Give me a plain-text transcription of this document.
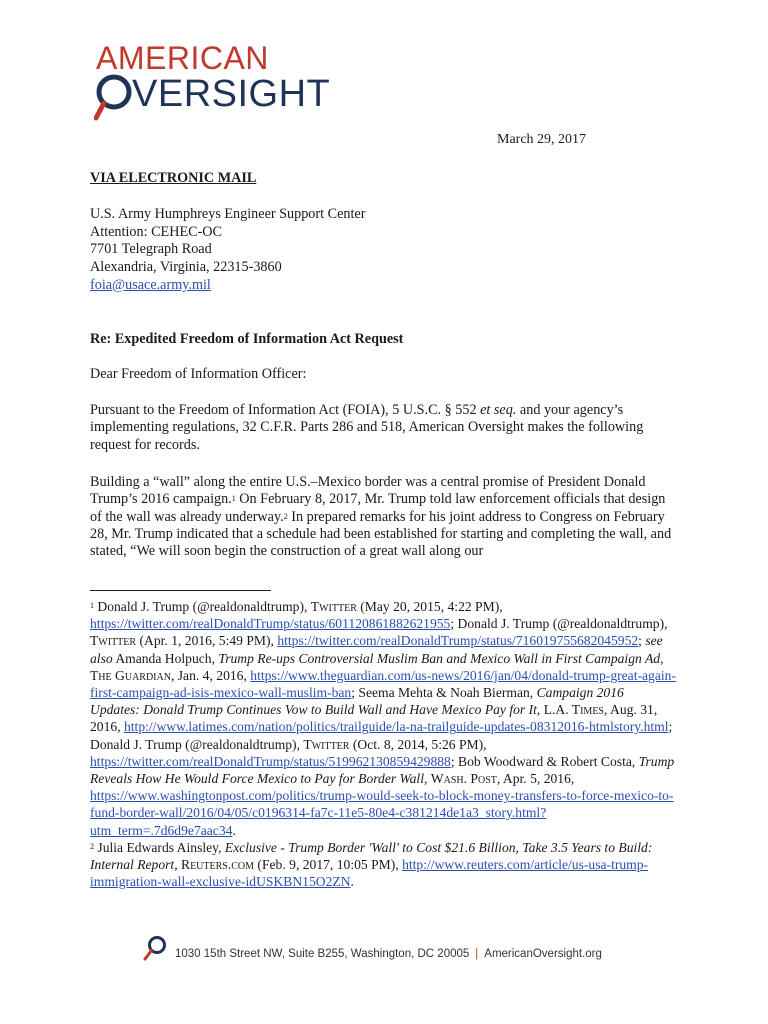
AMERICAN
VERSIGHT
March 29, 2017
VIA ELECTRONIC MAIL
U.S. Army Humphreys Engineer Support Center
Attention: CEHEC-OC
7701 Telegraph Road
Alexandria, Virginia, 22315-3860
foia@usace.army.mil
Re: Expedited Freedom of Information Act Request
Dear Freedom of Information Officer:
Pursuant to the Freedom of Information Act (FOIA), 5 U.S.C. § 552 et seq. and your agency’s implementing regulations, 32 C.F.R. Parts 286 and 518, American Oversight makes the following request for records.
Building a “wall” along the entire U.S.–Mexico border was a central promise of President Donald Trump’s 2016 campaign.$^1$ On February 8, 2017, Mr. Trump told law enforcement officials that design of the wall was already underway.$^2$ In prepared remarks for his joint address to Congress on February 28, Mr. Trump indicated that a schedule had been established for starting and completing the wall, and stated, “We will soon begin the construction of a great wall along our
$^1$ Donald J. Trump (@realdonaldtrump), Twitter (May 20, 2015, 4:22 PM), https://twitter.com/realDonaldTrump/status/601120861882621955; Donald J. Trump (@realdonaldtrump), Twitter (Apr. 1, 2016, 5:49 PM), https://twitter.com/realDonaldTrump/status/716019755682045952; see also Amanda Holpuch, Trump Re-ups Controversial Muslim Ban and Mexico Wall in First Campaign Ad, The Guardian, Jan. 4, 2016, https://www.theguardian.com/us-news/2016/jan/04/donald-trump-great-again-first-campaign-ad-isis-mexico-wall-muslim-ban; Seema Mehta & Noah Bierman, Campaign 2016 Updates: Donald Trump Continues Vow to Build Wall and Have Mexico Pay for It, L.A. Times, Aug. 31, 2016, http://www.latimes.com/nation/politics/trailguide/la-na-trailguide-updates-08312016-htmlstory.html; Donald J. Trump (@realdonaldtrump), Twitter (Oct. 8, 2014, 5:26 PM), https://twitter.com/realDonaldTrump/status/519962130859429888; Bob Woodward & Robert Costa, Trump Reveals How He Would Force Mexico to Pay for Border Wall, Wash. Post, Apr. 5, 2016, https://www.washingtonpost.com/politics/trump-would-seek-to-block-money-transfers-to-force-mexico-to-fund-border-wall/2016/04/05/c0196314-fa7c-11e5-80e4-c381214de1a3_story.html?utm_term=.7d6d9e7aac34.
$^2$ Julia Edwards Ainsley, Exclusive - Trump Border 'Wall' to Cost $21.6 Billion, Take 3.5 Years to Build: Internal Report, Reuters.com (Feb. 9, 2017, 10:05 PM), http://www.reuters.com/article/us-usa-trump-immigration-wall-exclusive-idUSKBN15O2ZN.
1030 15th Street NW, Suite B255, Washington, DC 20005 | AmericanOversight.org
